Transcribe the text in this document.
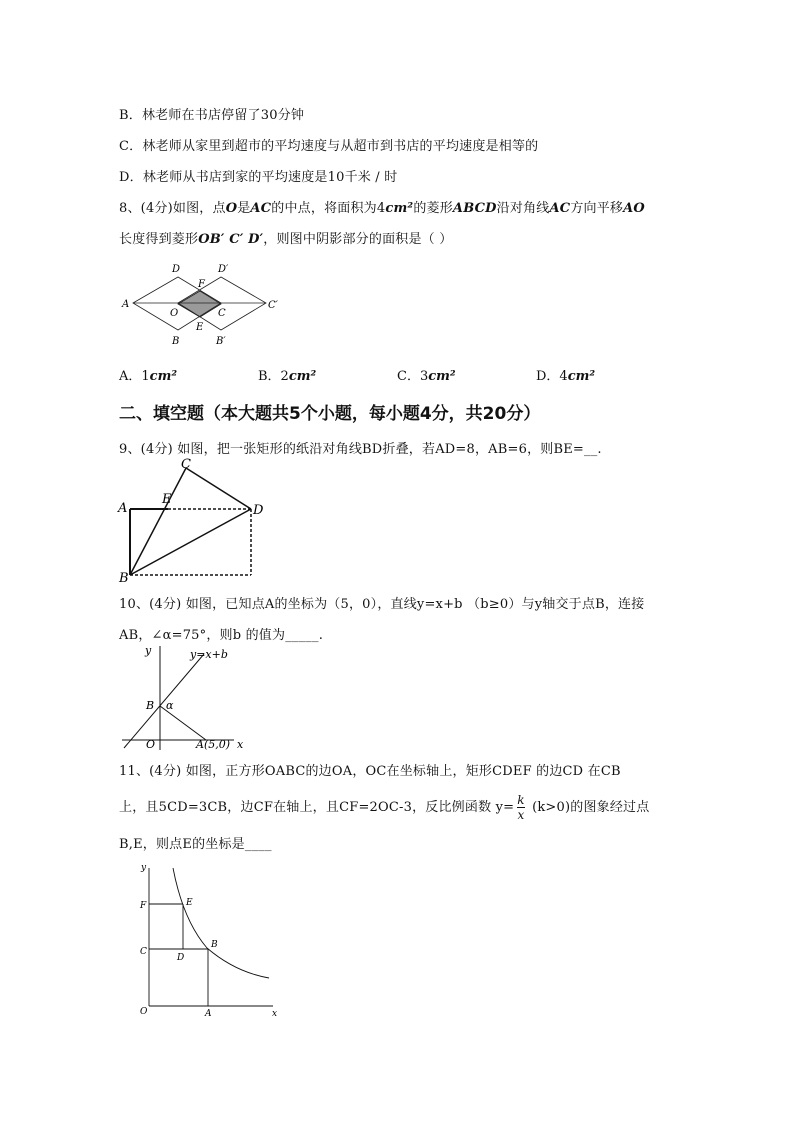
B．林老师在书店停留了30分钟
C．林老师从家里到超市的平均速度与从超市到书店的平均速度是相等的
D．林老师从书店到家的平均速度是10千米 / 时
8、(4分)如图，点O是AC的中点，将面积为4cm²的菱形ABCD沿对角线AC方向平移AO
长度得到菱形OB′ C′ D′，则图中阴影部分的面积是（ ）
A
D	D′
F
O	C
C′
E
B	B′
A．1cm²	B．2cm²	C．3cm²	D．4cm²
二、填空题（本大题共5个小题，每小题4分，共20分）
9、(4分) 如图，把一张矩形的纸沿对角线BD折叠，若AD=8，AB=6，则BE=__.
A
E
C
D
B
10、(4分) 如图，已知点A的坐标为（5，0），直线y=x+b （b≥0）与y轴交于点B，连接
AB，∠α=75°，则b 的值为_____.
y	y=x+b
B α
O	A(5,0) x
11、(4分) 如图，正方形OABC的边OA，OC在坐标轴上，矩形CDEF 的边CD 在CB
上，且5CD=3CB，边CF在轴上，且CF=2OC-3，反比例函数 $y= \frac{k}{x} (k>0)$的图象经过点
B,E，则点E的坐标是____
y
F	E
C
B
D
O	A	x
